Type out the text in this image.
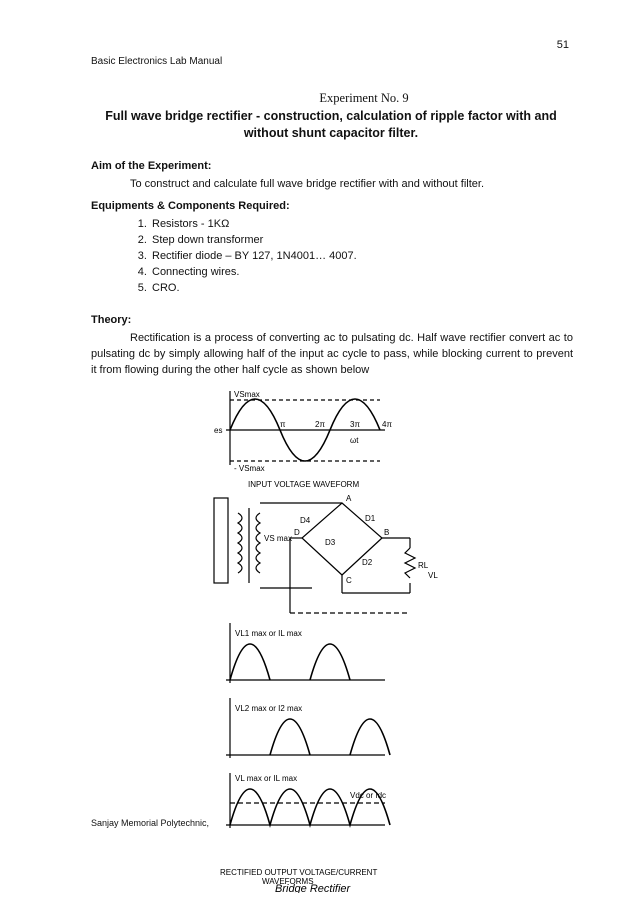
51
Basic Electronics Lab Manual
Experiment No. 9
Full wave bridge rectifier - construction, calculation of ripple factor with and without shunt capacitor filter.
Aim of the Experiment:
To construct and calculate full wave bridge rectifier with and without filter.
Equipments & Components Required:
1. Resistors - 1KΩ
2. Step down transformer
3. Rectifier diode – BY 127, 1N4001… 4007.
4. Connecting wires.
5. CRO.
Theory:
Rectification is a process of converting ac to pulsating dc. Half wave rectifier convert ac to pulsating dc by simply allowing half of the input ac cycle to pass, while blocking current to prevent it from flowing during the other half cycle as shown below
VSmax
es
- VSmax
π	2π	3π	4π
ωt
INPUT VOLTAGE WAVEFORM
D4	D1
D3
D2
A
B
C
D
RL
VL
VS max
VL1 max or IL max
VL2 max or I2 max
VL max or IL max
Vdc or Idc
RECTIFIED OUTPUT VOLTAGE/CURRENT
WAVEFORMS
Bridge Rectifier
Sanjay Memorial Polytechnic,
